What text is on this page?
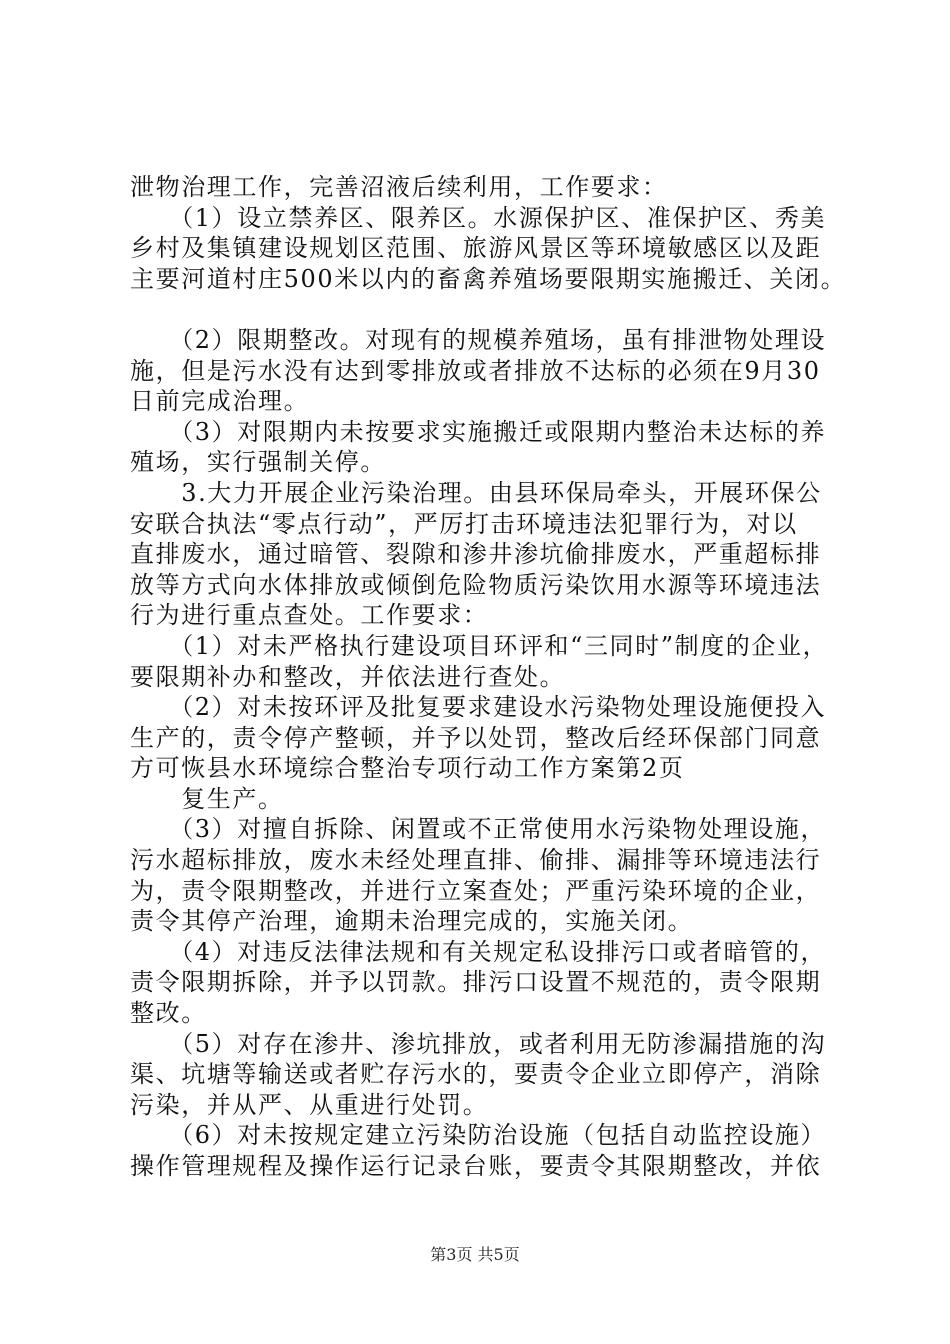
泄物治理工作，完善沼液后续利用，工作要求：
　　（1）设立禁养区、限养区。水源保护区、准保护区、秀美
乡村及集镇建设规划区范围、旅游风景区等环境敏感区以及距
主要河道村庄500米以内的畜禽养殖场要限期实施搬迁、关闭。
　　（2）限期整改。对现有的规模养殖场，虽有排泄物处理设
施，但是污水没有达到零排放或者排放不达标的必须在9月30
日前完成治理。
　　（3）对限期内未按要求实施搬迁或限期内整治未达标的养
殖场，实行强制关停。
　　3.大力开展企业污染治理。由县环保局牵头，开展环保公
安联合执法“零点行动”，严厉打击环境违法犯罪行为，对以
直排废水，通过暗管、裂隙和渗井渗坑偷排废水，严重超标排
放等方式向水体排放或倾倒危险物质污染饮用水源等环境违法
行为进行重点查处。工作要求：
　　（1）对未严格执行建设项目环评和“三同时”制度的企业，
要限期补办和整改，并依法进行查处。
　　（2）对未按环评及批复要求建设水污染物处理设施便投入
生产的，责令停产整顿，并予以处罚，整改后经环保部门同意
方可恢县水环境综合整治专项行动工作方案第2页
　　复生产。
　　（3）对擅自拆除、闲置或不正常使用水污染物处理设施，
污水超标排放，废水未经处理直排、偷排、漏排等环境违法行
为，责令限期整改，并进行立案查处；严重污染环境的企业，
责令其停产治理，逾期未治理完成的，实施关闭。
　　（4）对违反法律法规和有关规定私设排污口或者暗管的，
责令限期拆除，并予以罚款。排污口设置不规范的，责令限期
整改。
　　（5）对存在渗井、渗坑排放，或者利用无防渗漏措施的沟
渠、坑塘等输送或者贮存污水的，要责令企业立即停产，消除
污染，并从严、从重进行处罚。
　　（6）对未按规定建立污染防治设施（包括自动监控设施）
操作管理规程及操作运行记录台账，要责令其限期整改，并依
第3页 共5页
